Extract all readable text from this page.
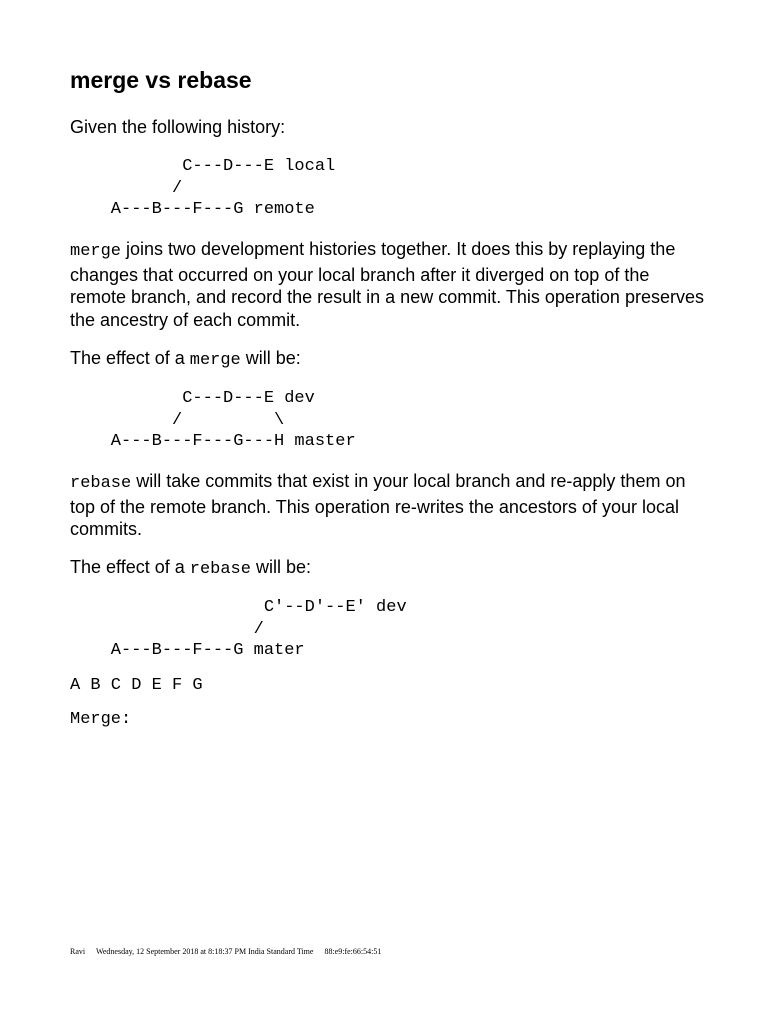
merge vs rebase

Given the following history:

C---D---E local
/
A---B---F---G remote

merge joins two development histories together. It does this by replaying the changes that occurred on your local branch after it diverged on top of the remote branch, and record the result in a new commit. This operation preserves the ancestry of each commit.

The effect of a merge will be:

C---D---E dev
/         \
A---B---F---G---H master

rebase will take commits that exist in your local branch and re-apply them on top of the remote branch. This operation re-writes the ancestors of your local commits.

The effect of a rebase will be:

C'--D'--E' dev
/
A---B---F---G mater

A B C D E F G

Merge:

Ravi Wednesday, 12 September 2018 at 8:18:37 PM India Standard Time 88:e9:fe:66:54:51
